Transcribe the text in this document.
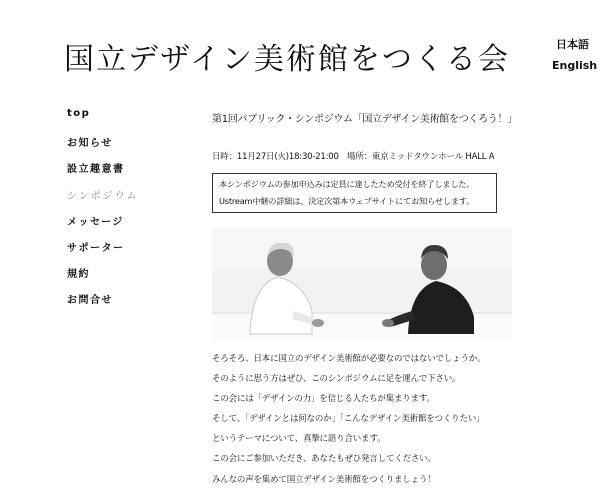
国立デザイン美術館をつくる会	日本語
English
top
お知らせ
設立趣意書
シンポジウム
メッセージ
サポーター
規約
お問合せ
第1回パブリック・シンポジウム「国立デザイン美術館をつくろう！」

日時：11月27日(火)18:30-21:00　場所：東京ミッドタウンホール HALL A

本シンポジウムの参加申込みは定員に達したため受付を終了しました。

Ustream中継の詳細は、決定次第本ウェブサイトにてお知らせします。

そろそろ、日本に国立のデザイン美術館が必要なのではないでしょうか。
そのように思う方はぜひ、このシンポジウムに足を運んで下さい。
この会には「デザインの力」を信じる人たちが集まります。
そして、「デザインとは何なのか」「こんなデザイン美術館をつくりたい」
というテーマについて、真摯に語り合います。
この会にご参加いただき、あなたもぜひ発言してください。
みんなの声を集めて国立デザイン美術館をつくりましょう！
